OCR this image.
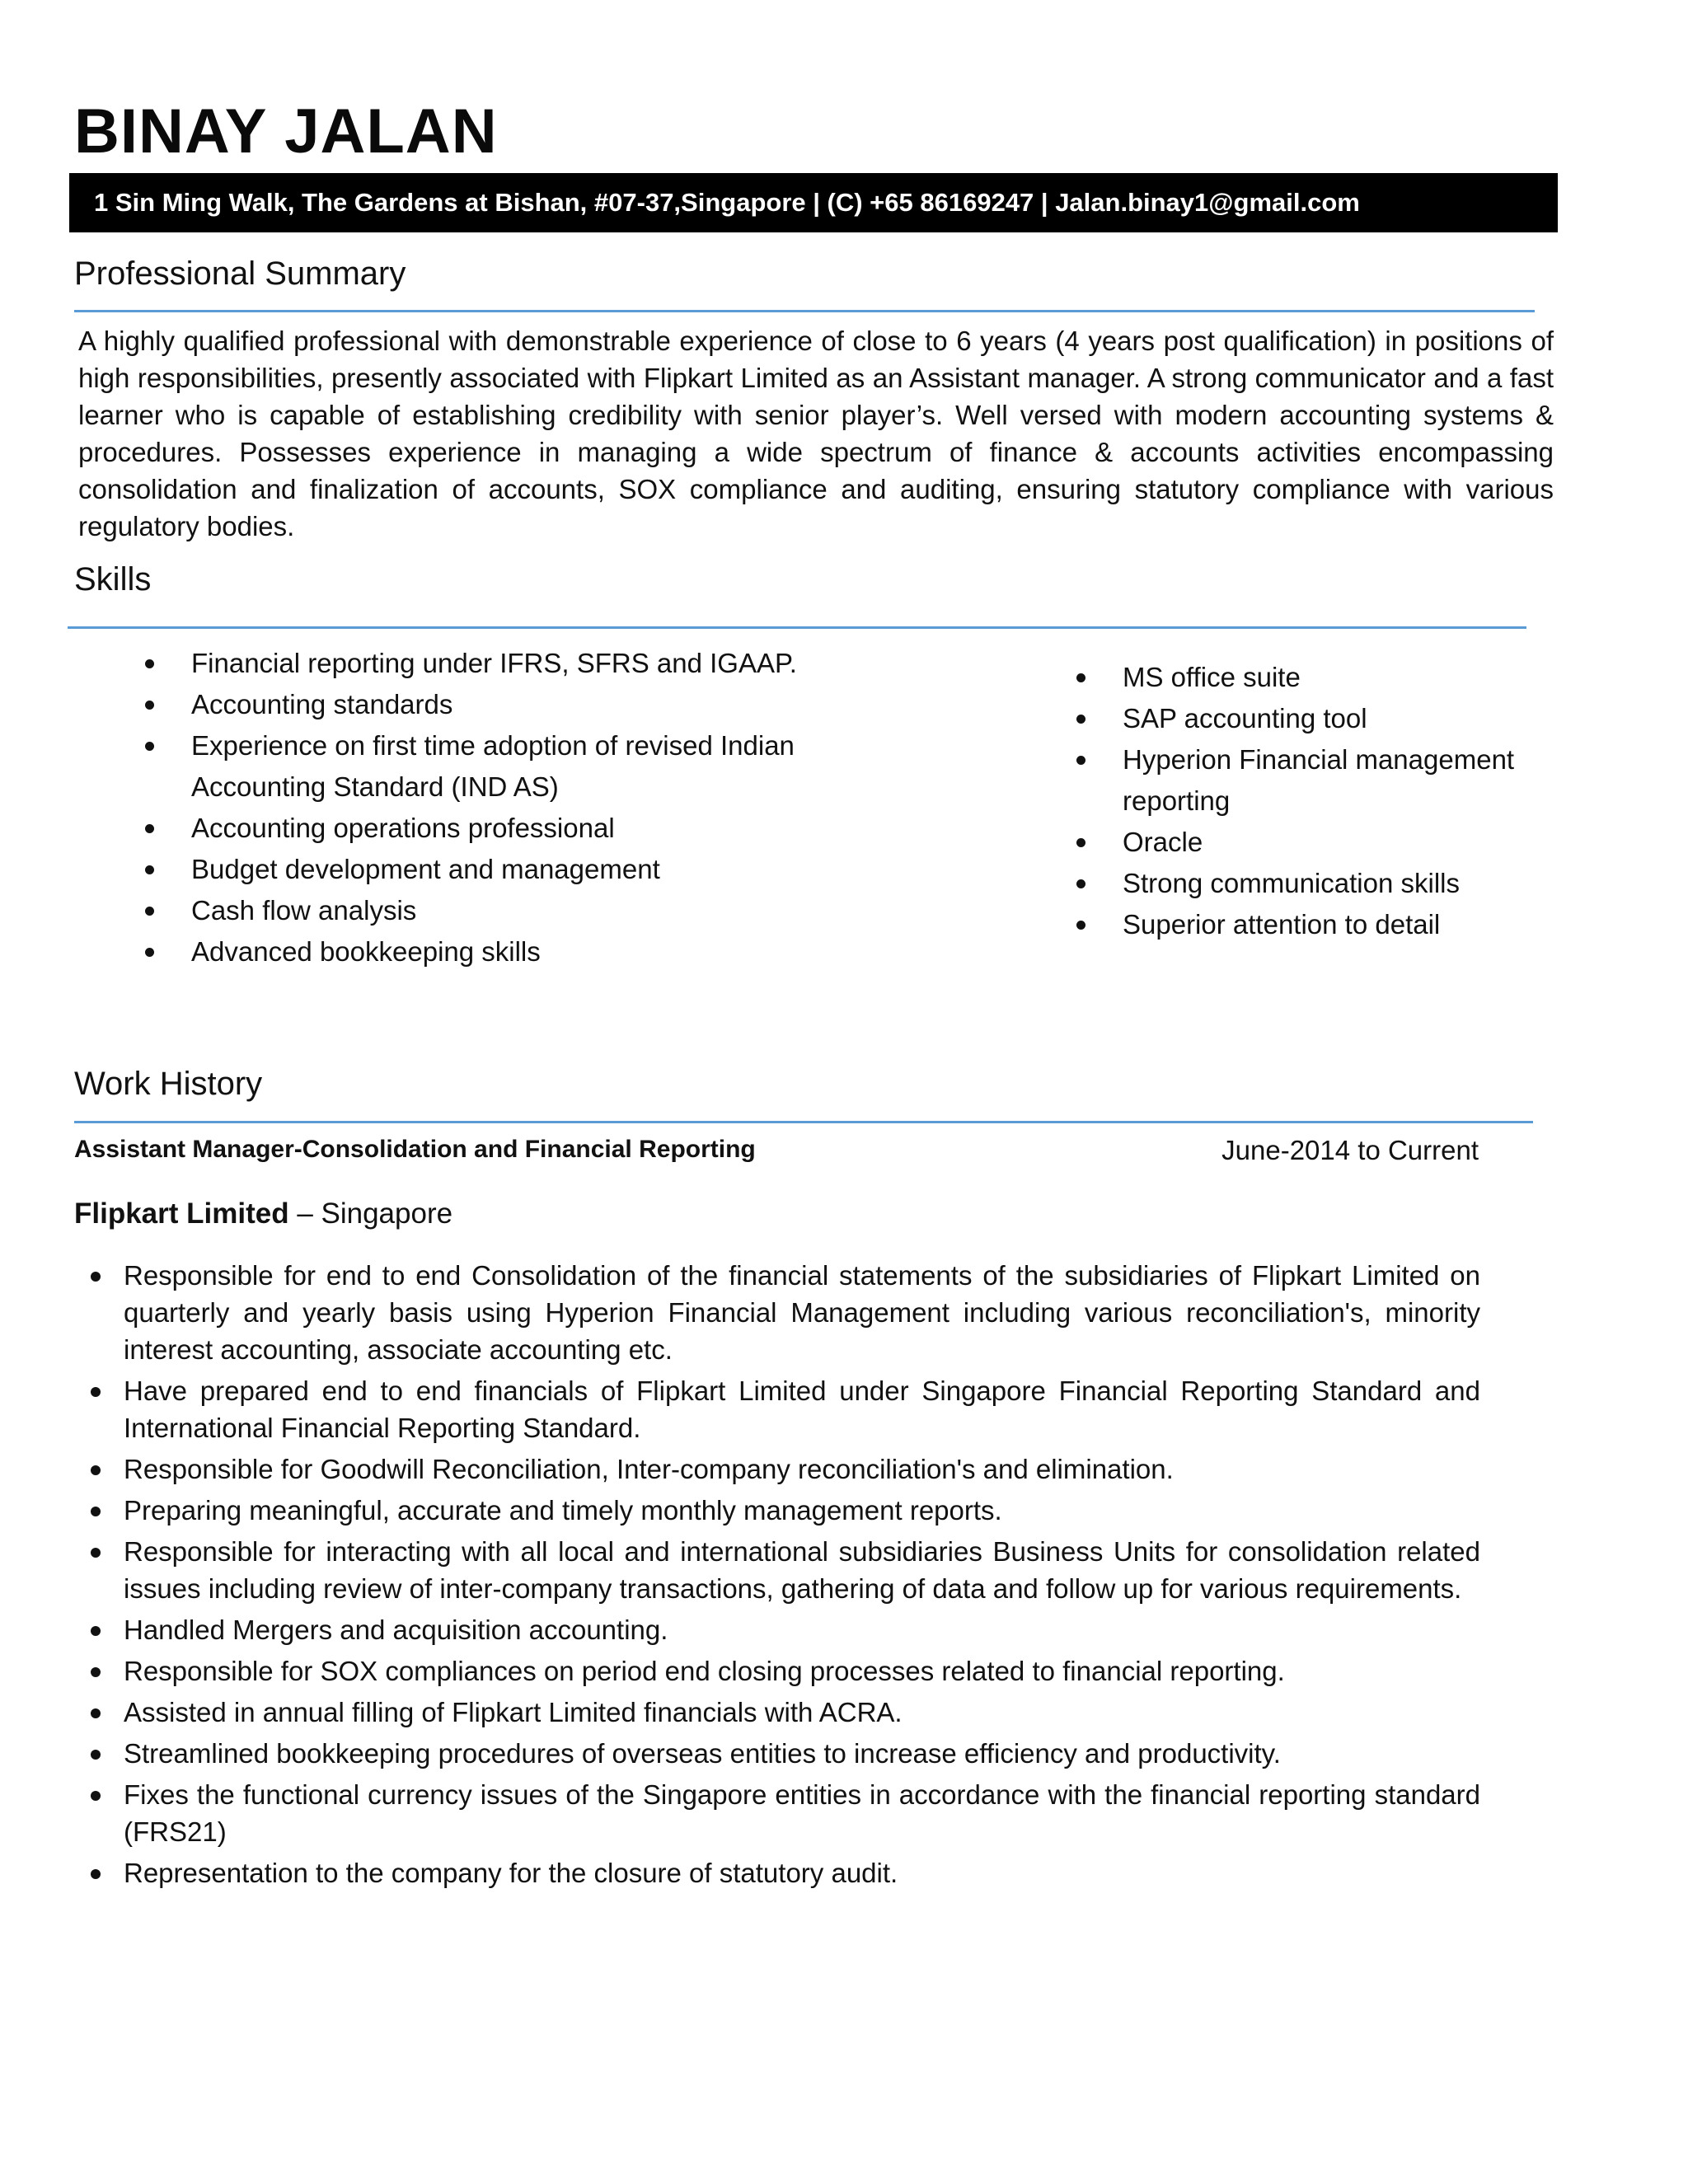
BINAY JALAN
1 Sin Ming Walk, The Gardens at Bishan, #07-37,Singapore | (C) +65 86169247 | Jalan.binay1@gmail.com
Professional Summary

A highly qualified professional with demonstrable experience of close to 6 years (4 years post qualification) in positions of high responsibilities, presently associated with Flipkart Limited as an Assistant manager. A strong communicator and a fast learner who is capable of establishing credibility with senior player’s. Well versed with modern accounting systems & procedures. Possesses experience in managing a wide spectrum of finance & accounts activities encompassing consolidation and finalization of accounts, SOX compliance and auditing, ensuring statutory compliance with various regulatory bodies.

Skills
Financial reporting under IFRS, SFRS and IGAAP.
Accounting standards
Experience on first time adoption of revised Indian Accounting Standard (IND AS)
Accounting operations professional
Budget development and management
Cash flow analysis
Advanced bookkeeping skills
MS office suite
SAP accounting tool
Hyperion Financial management reporting
Oracle
Strong communication skills
Superior attention to detail
Work History
Assistant Manager-Consolidation and Financial Reporting	June-2014 to Current
Flipkart Limited – Singapore
Responsible for end to end Consolidation of the financial statements of the subsidiaries of Flipkart Limited on quarterly and yearly basis using Hyperion Financial Management including various reconciliation's, minority interest accounting, associate accounting etc.
Have prepared end to end financials of Flipkart Limited under Singapore Financial Reporting Standard and International Financial Reporting Standard.
Responsible for Goodwill Reconciliation, Inter-company reconciliation's and elimination.
Preparing meaningful, accurate and timely monthly management reports.
Responsible for interacting with all local and international subsidiaries Business Units for consolidation related issues including review of inter-company transactions, gathering of data and follow up for various requirements.
Handled Mergers and acquisition accounting.
Responsible for SOX compliances on period end closing processes related to financial reporting.
Assisted in annual filling of Flipkart Limited financials with ACRA.
Streamlined bookkeeping procedures of overseas entities to increase efficiency and productivity.
Fixes the functional currency issues of the Singapore entities in accordance with the financial reporting standard (FRS21)
Representation to the company for the closure of statutory audit.
